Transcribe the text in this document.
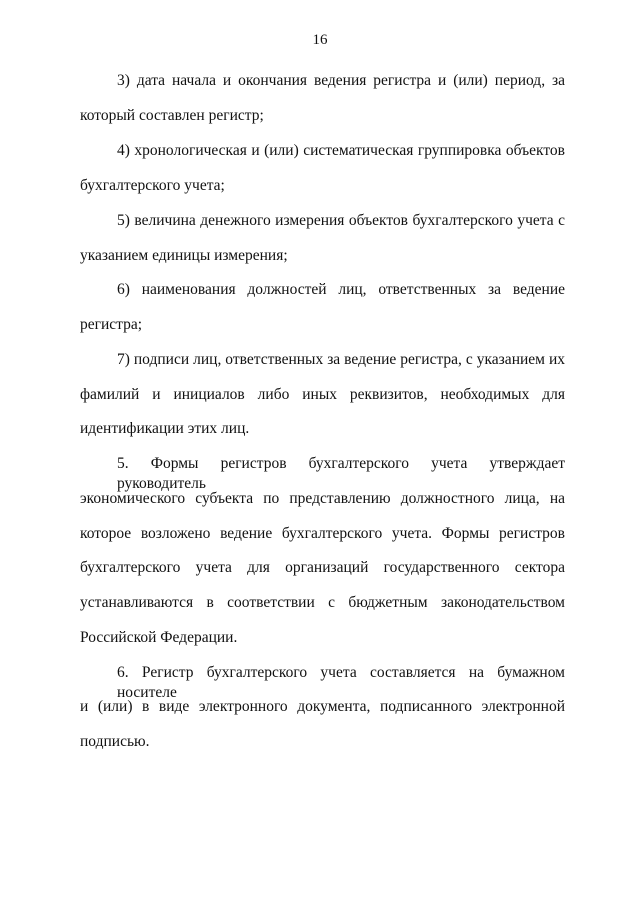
16
3) дата начала и окончания ведения регистра и (или) период, за
который составлен регистр;
4) хронологическая и (или) систематическая группировка объектов
бухгалтерского учета;
5) величина денежного измерения объектов бухгалтерского учета с
указанием единицы измерения;
6) наименования должностей лиц, ответственных за ведение
регистра;
7) подписи лиц, ответственных за ведение регистра, с указанием их
фамилий и инициалов либо иных реквизитов, необходимых для
идентификации этих лиц.
5. Формы регистров бухгалтерского учета утверждает руководитель
экономического субъекта по представлению должностного лица, на
которое возложено ведение бухгалтерского учета. Формы регистров
бухгалтерского учета для организаций государственного сектора
устанавливаются в соответствии с бюджетным законодательством
Российской Федерации.
6. Регистр бухгалтерского учета составляется на бумажном носителе
и (или) в виде электронного документа, подписанного электронной
подписью.
